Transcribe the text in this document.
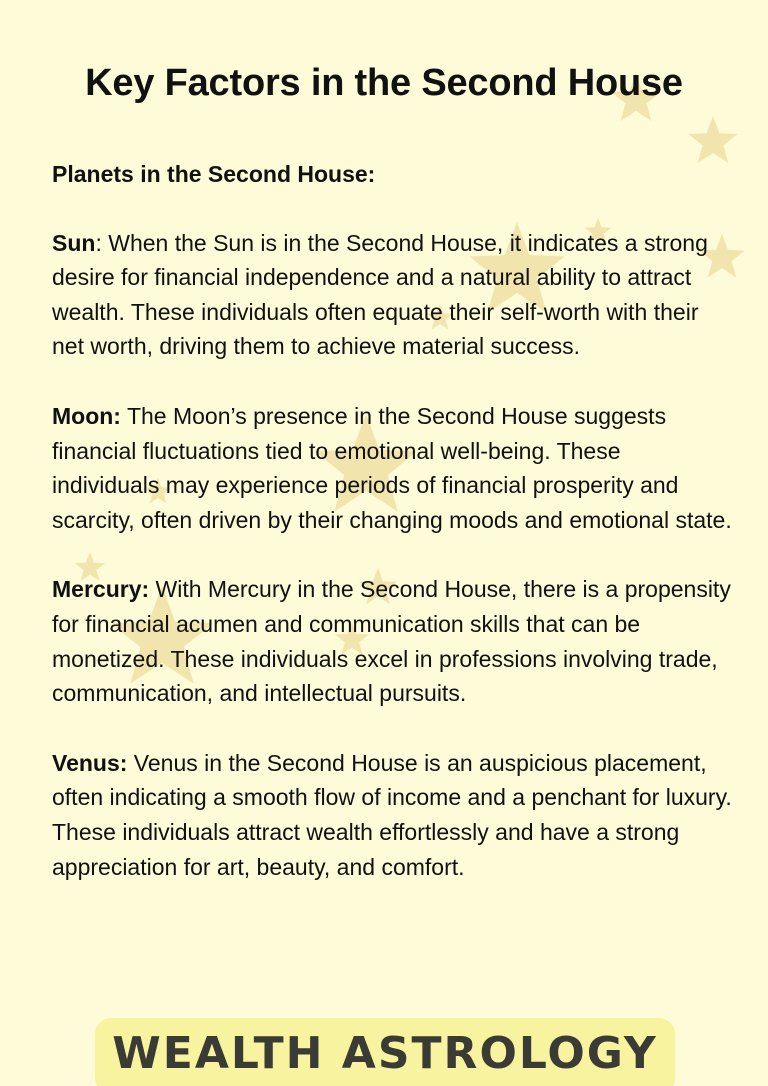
Key Factors in the Second House

Planets in the Second House:

Sun: When the Sun is in the Second House, it indicates a strong desire for financial independence and a natural ability to attract wealth. These individuals often equate their self-worth with their net worth, driving them to achieve material success.

Moon: The Moon’s presence in the Second House suggests financial fluctuations tied to emotional well-being. These individuals may experience periods of financial prosperity and scarcity, often driven by their changing moods and emotional state.

Mercury: With Mercury in the Second House, there is a propensity for financial acumen and communication skills that can be monetized. These individuals excel in professions involving trade, communication, and intellectual pursuits.

Venus: Venus in the Second House is an auspicious placement, often indicating a smooth flow of income and a penchant for luxury. These individuals attract wealth effortlessly and have a strong appreciation for art, beauty, and comfort.

WEALTH ASTROLOGY
